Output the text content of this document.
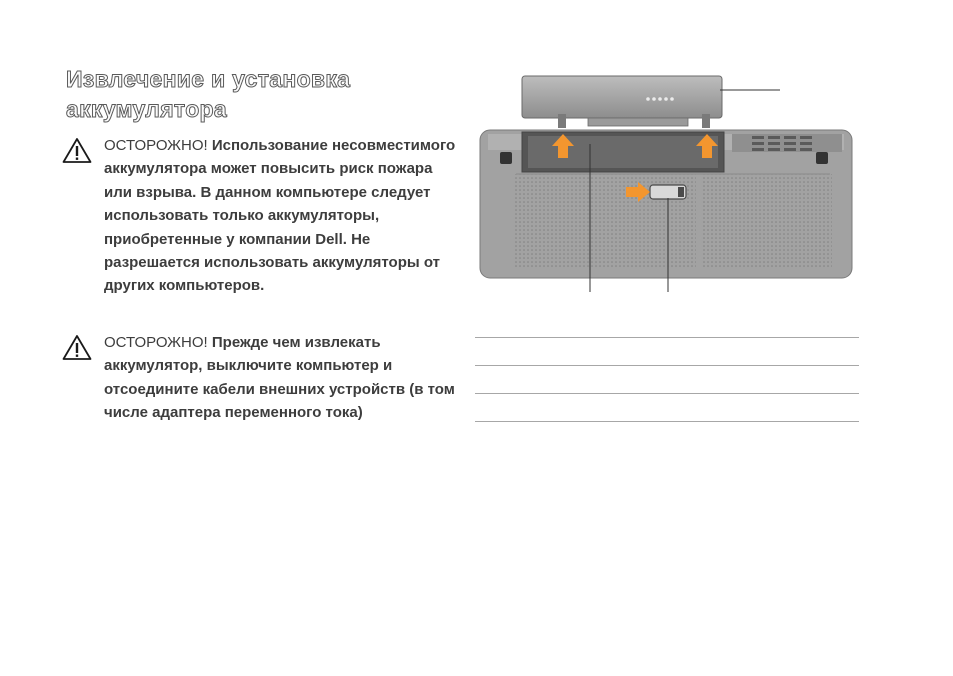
Извлечение и установка аккумулятора
ОСТОРОЖНО! Использование несовместимого аккумулятора может повысить риск пожара или взрыва. В данном компьютере следует использовать только аккумуляторы, приобретенные у компании Dell. Не разрешается использовать аккумуляторы от других компьютеров.
ОСТОРОЖНО! Прежде чем извлекать аккумулятор, выключите компьютер и отсоедините кабели внешних устройств (в том числе адаптера переменного тока)
